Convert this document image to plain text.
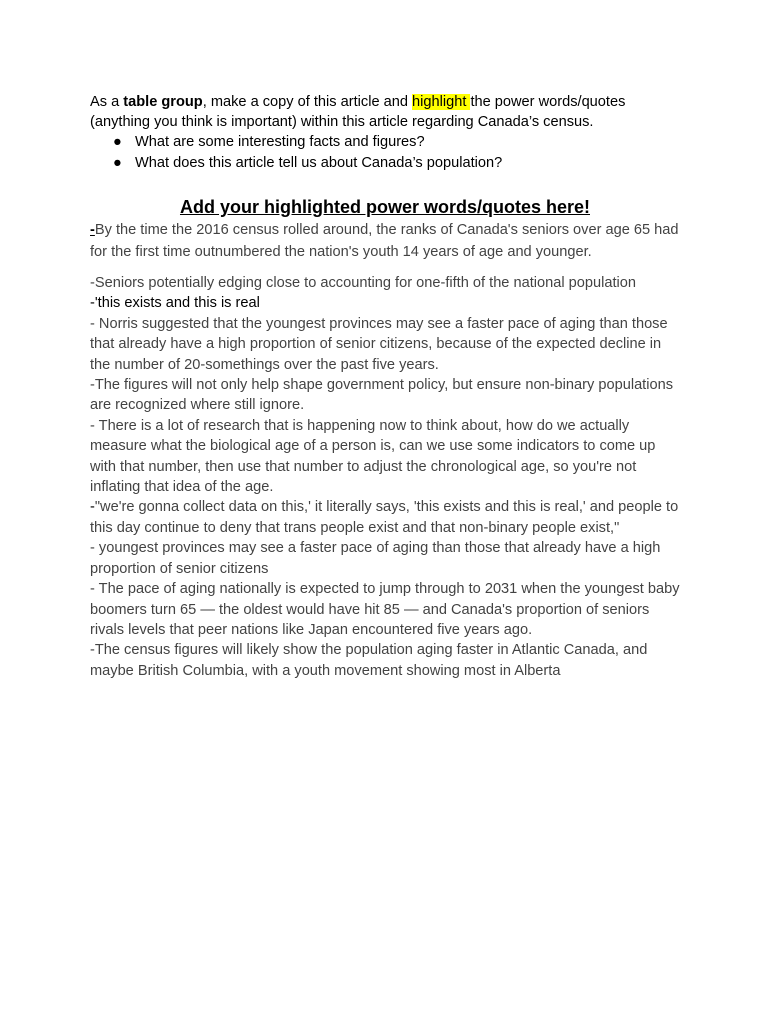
As a table group, make a copy of this article and highlight the power words/quotes (anything you think is important) within this article regarding Canada’s census.

● What are some interesting facts and figures?
● What does this article tell us about Canada’s population?
Add your highlighted power words/quotes here!

-By the time the 2016 census rolled around, the ranks of Canada's seniors over age 65 had for the first time outnumbered the nation's youth 14 years of age and younger.

-Seniors potentially edging close to accounting for one-fifth of the national population

-'this exists and this is real

- Norris suggested that the youngest provinces may see a faster pace of aging than those that already have a high proportion of senior citizens, because of the expected decline in the number of 20-somethings over the past five years.

-The figures will not only help shape government policy, but ensure non-binary populations are recognized where still ignore.

- There is a lot of research that is happening now to think about, how do we actually measure what the biological age of a person is, can we use some indicators to come up with that number, then use that number to adjust the chronological age, so you're not inflating that idea of the age.

-"we're gonna collect data on this,' it literally says, 'this exists and this is real,' and people to this day continue to deny that trans people exist and that non-binary people exist,"

- youngest provinces may see a faster pace of aging than those that already have a high proportion of senior citizens

- The pace of aging nationally is expected to jump through to 2031 when the youngest baby boomers turn 65 — the oldest would have hit 85 — and Canada's proportion of seniors rivals levels that peer nations like Japan encountered five years ago.

-The census figures will likely show the population aging faster in Atlantic Canada, and maybe British Columbia, with a youth movement showing most in Alberta
